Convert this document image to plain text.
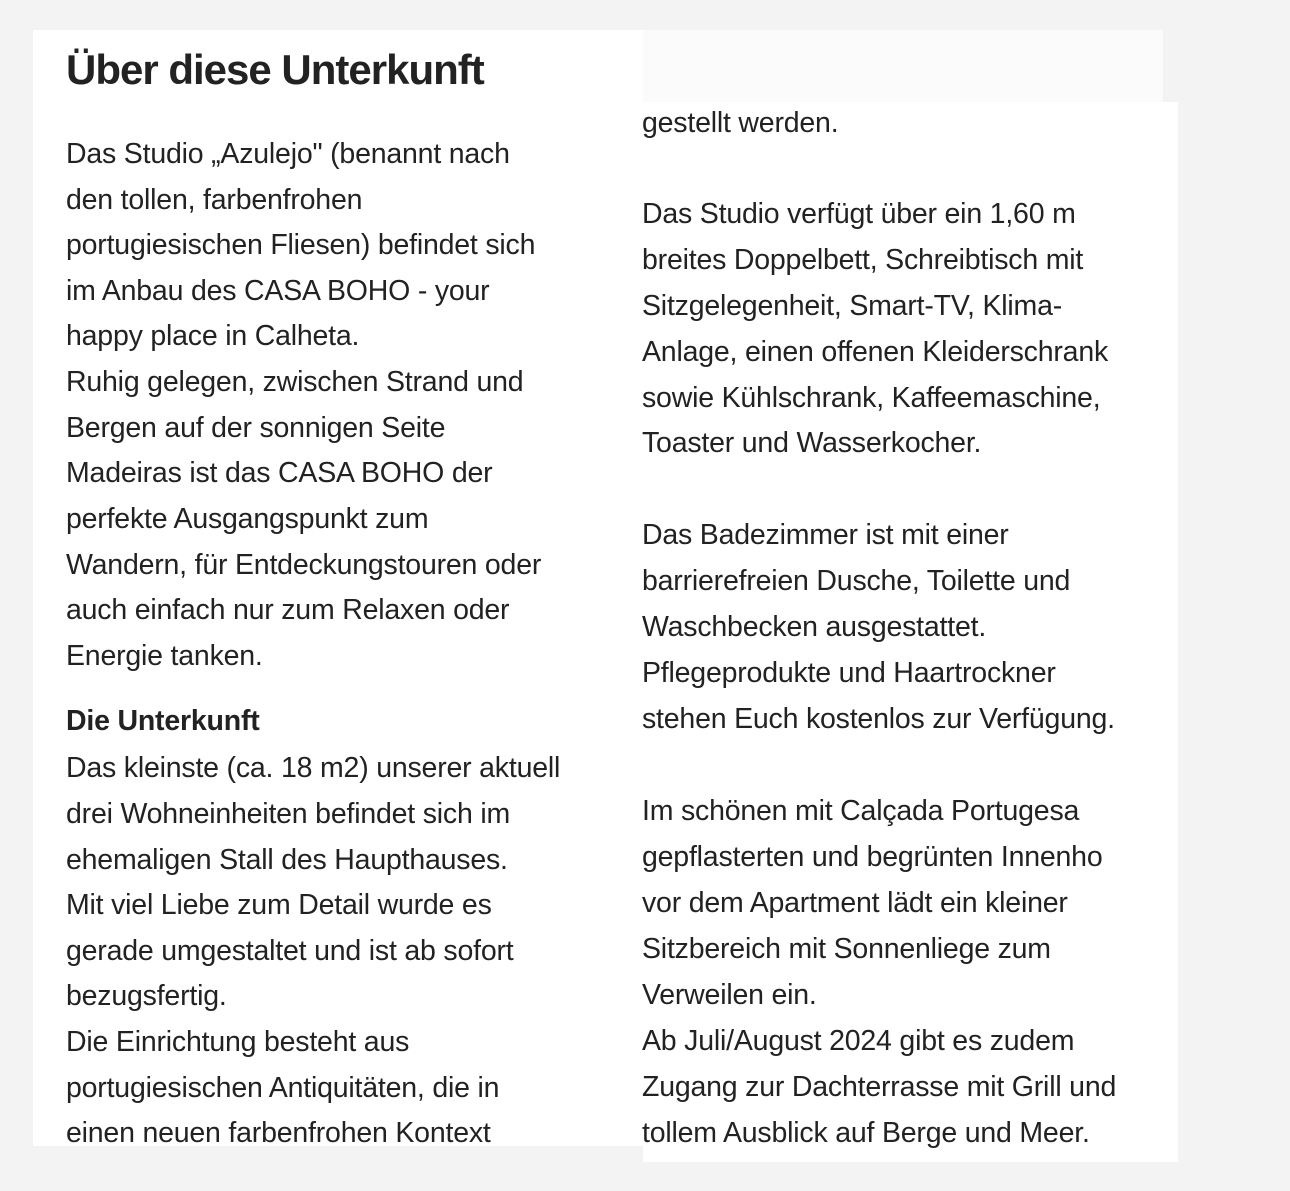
Über diese Unterkunft
Das Studio „Azulejo" (benannt nach
den tollen, farbenfrohen
portugiesischen Fliesen) befindet sich
im Anbau des CASA BOHO - your
happy place in Calheta.
Ruhig gelegen, zwischen Strand und
Bergen auf der sonnigen Seite
Madeiras ist das CASA BOHO der
perfekte Ausgangspunkt zum
Wandern, für Entdeckungstouren oder
auch einfach nur zum Relaxen oder
Energie tanken.
Die Unterkunft
Das kleinste (ca. 18 m2) unserer aktuell
drei Wohneinheiten befindet sich im
ehemaligen Stall des Haupthauses.
Mit viel Liebe zum Detail wurde es
gerade umgestaltet und ist ab sofort
bezugsfertig.
Die Einrichtung besteht aus
portugiesischen Antiquitäten, die in
einen neuen farbenfrohen Kontext
gestellt werden.
Das Studio verfügt über ein 1,60 m
breites Doppelbett, Schreibtisch mit
Sitzgelegenheit, Smart-TV, Klima-
Anlage, einen offenen Kleiderschrank
sowie Kühlschrank, Kaffeemaschine,
Toaster und Wasserkocher.
Das Badezimmer ist mit einer
barrierefreien Dusche, Toilette und
Waschbecken ausgestattet.
Pflegeprodukte und Haartrockner
stehen Euch kostenlos zur Verfügung.
Im schönen mit Calçada Portugesa
gepflasterten und begrünten Innenho
vor dem Apartment lädt ein kleiner
Sitzbereich mit Sonnenliege zum
Verweilen ein.
Ab Juli/August 2024 gibt es zudem
Zugang zur Dachterrasse mit Grill und
tollem Ausblick auf Berge und Meer.
